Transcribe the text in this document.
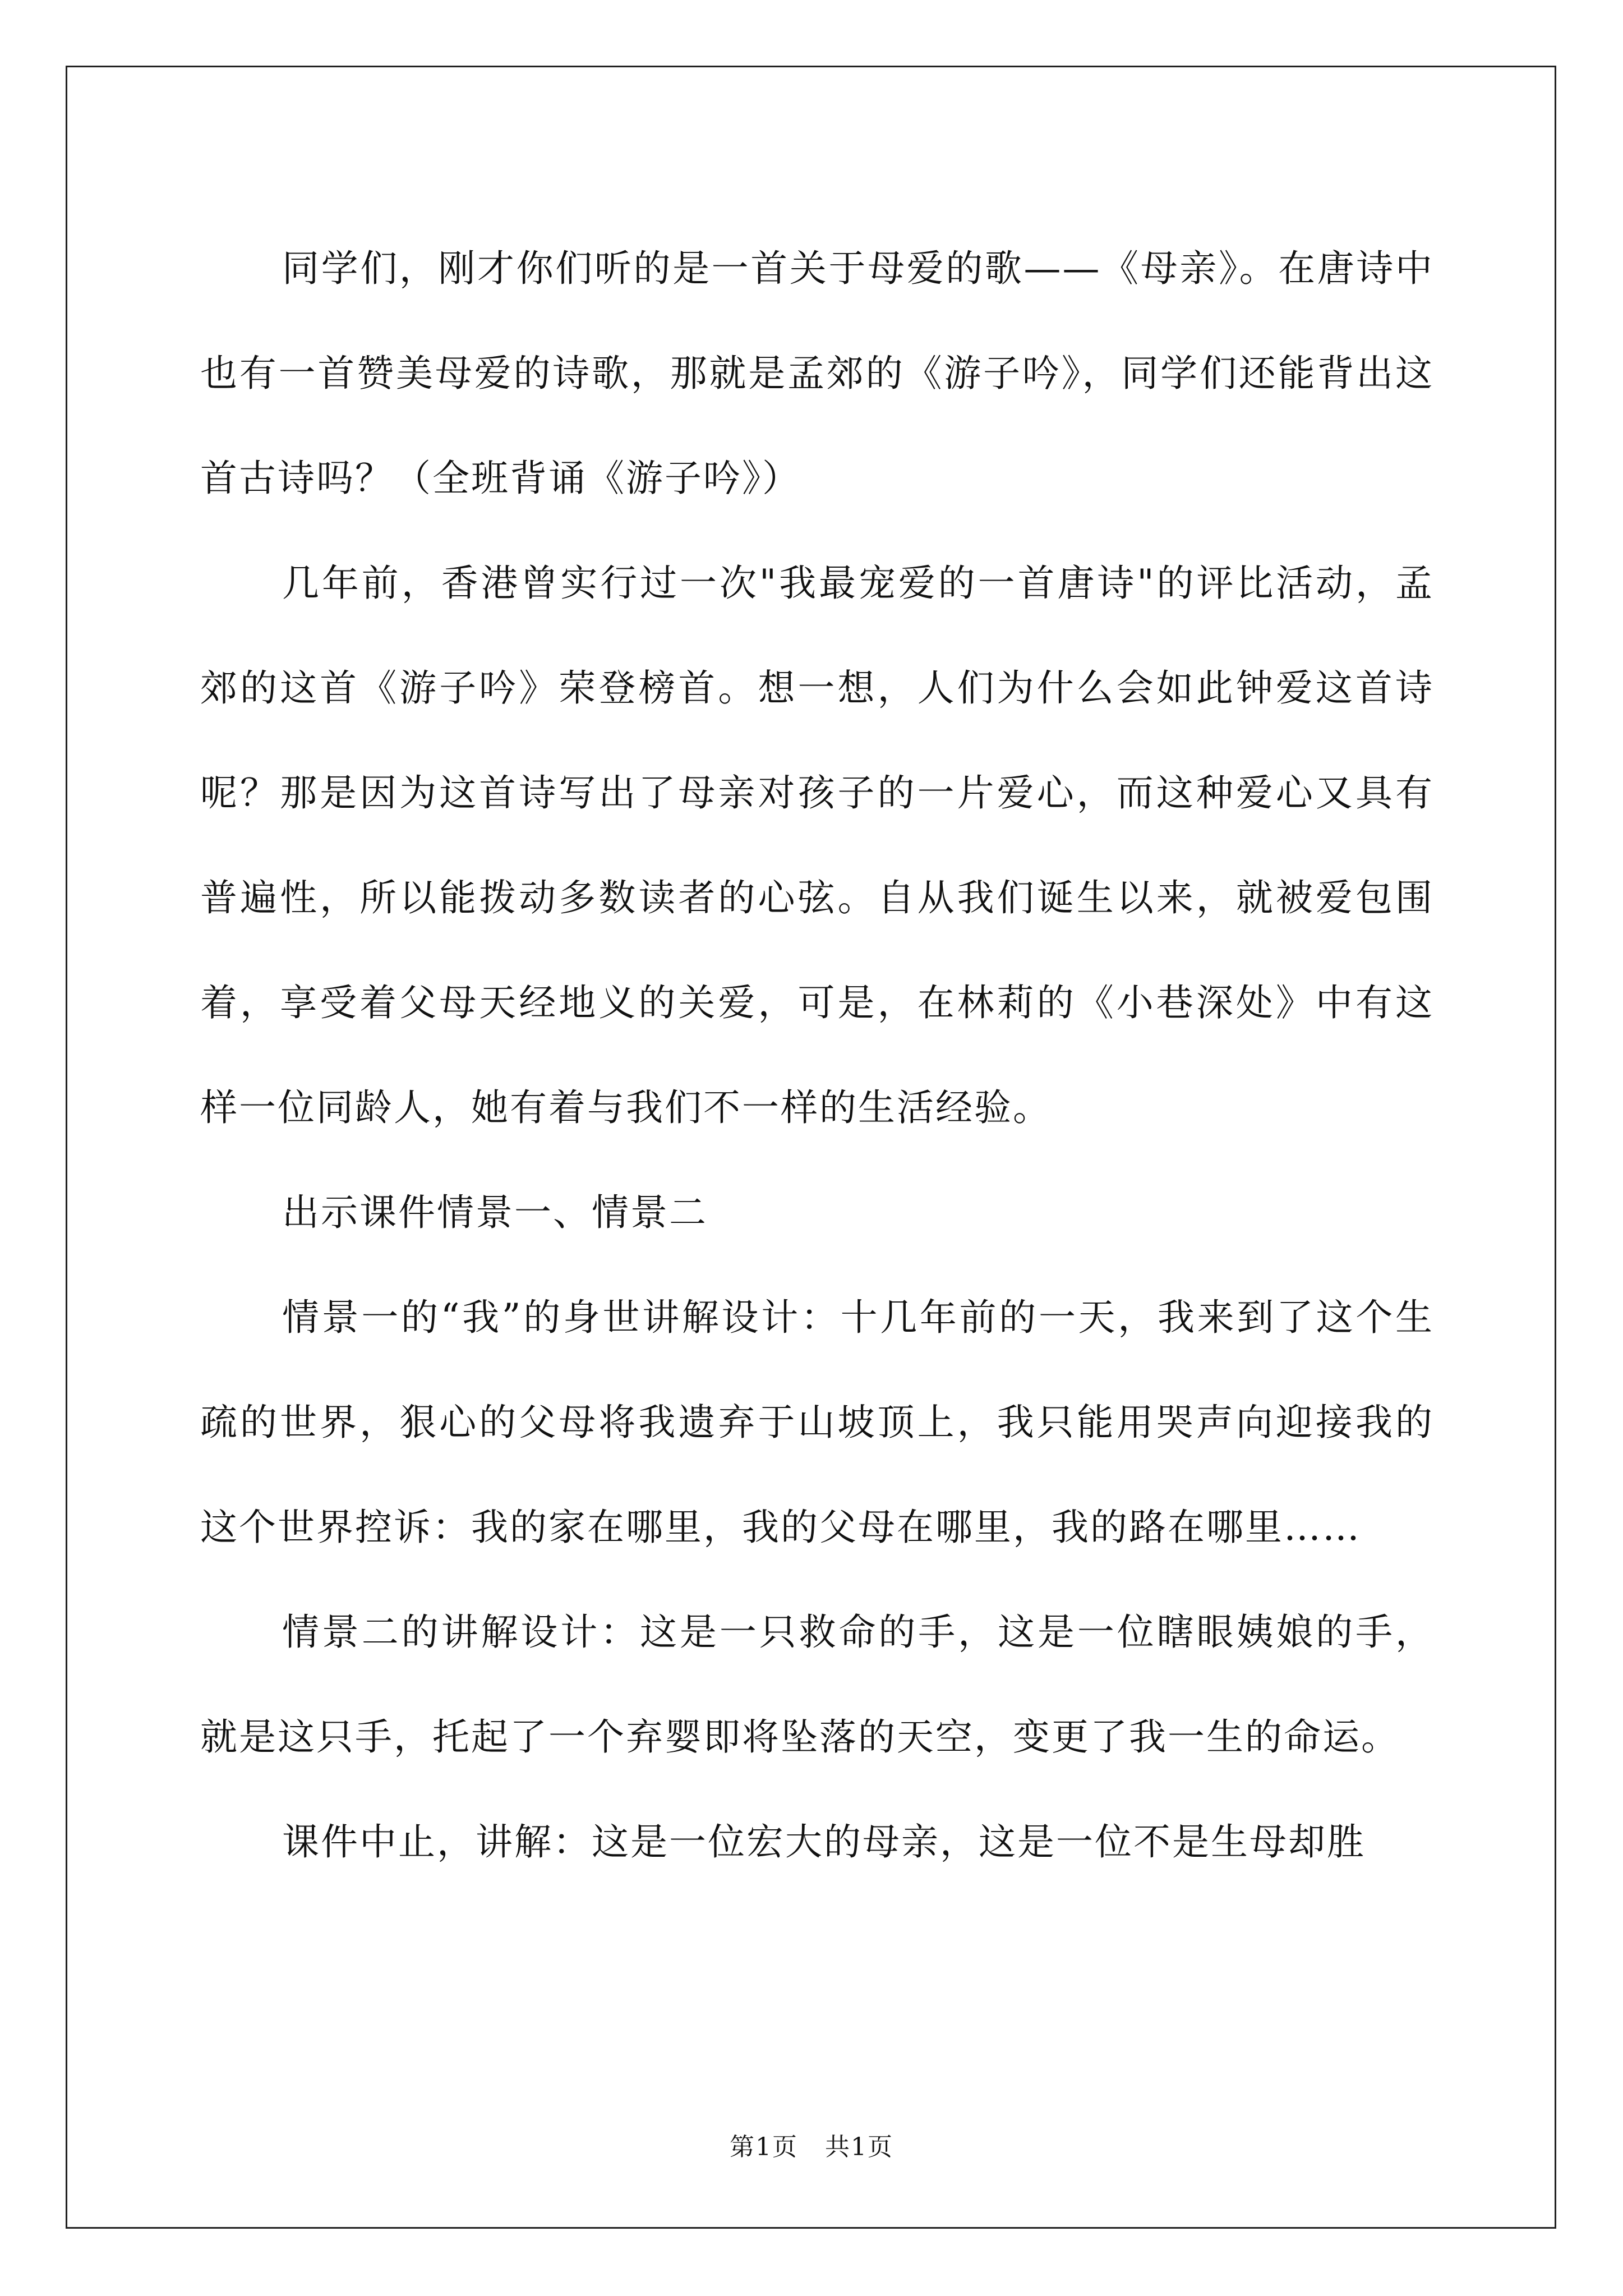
同学们，刚才你们听的是一首关于母爱的歌——《母亲》。在唐诗中也有一首赞美母爱的诗歌，那就是孟郊的《游子吟》，同学们还能背出这首古诗吗？（全班背诵《游子吟》）

几年前，香港曾实行过一次"我最宠爱的一首唐诗"的评比活动，孟郊的这首《游子吟》荣登榜首。想一想，人们为什么会如此钟爱这首诗呢？那是因为这首诗写出了母亲对孩子的一片爱心，而这种爱心又具有普遍性，所以能拨动多数读者的心弦。自从我们诞生以来，就被爱包围着，享受着父母天经地义的关爱，可是，在林莉的《小巷深处》中有这样一位同龄人，她有着与我们不一样的生活经验。

出示课件情景一、情景二

情景一的“我”的身世讲解设计：十几年前的一天，我来到了这个生疏的世界，狠心的父母将我遗弃于山坡顶上，我只能用哭声向迎接我的这个世界控诉：我的家在哪里，我的父母在哪里，我的路在哪里……

情景二的讲解设计：这是一只救命的手，这是一位瞎眼姨娘的手，就是这只手，托起了一个弃婴即将坠落的天空，变更了我一生的命运。

课件中止，讲解：这是一位宏大的母亲，这是一位不是生母却胜

第1页   共1页
